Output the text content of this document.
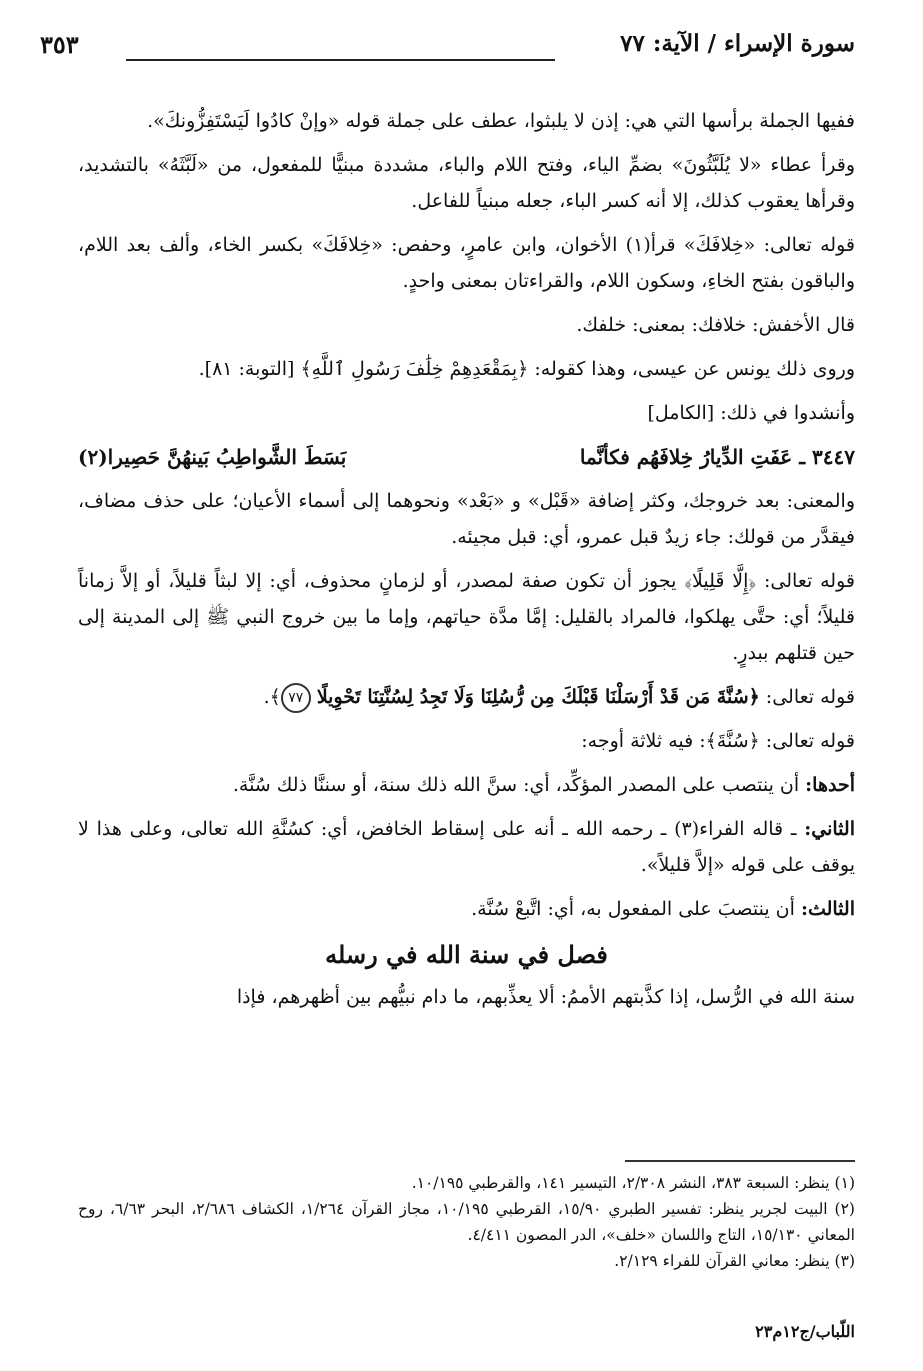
سورة الإسراء / الآية: ٧٧
٣٥٣

ففيها الجملة برأسها التي هي: إذن لا يلبثوا، عطف على جملة قوله «وإنْ كادُوا لَيَسْتَفِزُّونكَ».

وقرأ عطاء «لا يُلَبَّثُونَ» بضمِّ الياء، وفتح اللام والباء، مشددة مبنيًّا للمفعول، من «لَبَّثَهُ» بالتشديد، وقرأها يعقوب كذلك، إلا أنه كسر الباء، جعله مبنياً للفاعل.

قوله تعالى: «خِلافَكَ» قرأ(١) الأخوان، وابن عامرٍ، وحفص: «خِلافَكَ» بكسر الخاء، وألف بعد اللام، والباقون بفتح الخاءِ، وسكون اللام، والقراءتان بمعنى واحدٍ.

قال الأخفش: خلافك: بمعنى: خلفك.

وروى ذلك يونس عن عيسى، وهذا كقوله: ﴿بِمَقْعَدِهِمْ خِلَٰفَ رَسُولِ ٱللَّهِ﴾ [التوبة: ٨١].

وأنشدوا في ذلك: [الكامل]

٣٤٤٧ ـ عَفَتِ الدِّيارُ خِلافَهُم فكأنَّما
بَسَطَ الشَّواطِبُ بَينهُنَّ حَصِيرا(٢)

والمعنى: بعد خروجك، وكثر إضافة «قَبْل» و «بَعْد» ونحوهما إلى أسماء الأعيان؛ على حذف مضاف، فيقدَّر من قولك: جاء زيدٌ قبل عمرو، أي: قبل مجيئه.

قوله تعالى: ﴿إِلَّا قَلِيلًا﴾ يجوز أن تكون صفة لمصدر، أو لزمانٍ محذوف، أي: إلا لبثاً قليلاً، أو إلاَّ زماناً قليلاً؛ أي: حتَّى يهلكوا، فالمراد بالقليل: إمَّا مدَّة حياتهم، وإما ما بين خروج النبي ﷺ إلى المدينة إلى حين قتلهم ببدرٍ.

قوله تعالى: ﴿سُنَّةَ مَن قَدْ أَرْسَلْنَا قَبْلَكَ مِن رُّسُلِنَا وَلَا تَجِدُ لِسُنَّتِنَا تَحْوِيلًا ٧٧﴾.

قوله تعالى: ﴿سُنَّةَ﴾: فيه ثلاثة أوجه:

أحدها: أن ينتصب على المصدر المؤكِّد، أي: سنَّ الله ذلك سنة، أو سننَّا ذلك سُنَّة.

الثاني: ـ قاله الفراء(٣) ـ رحمه الله ـ أنه على إسقاط الخافض، أي: كسُنَّةِ الله تعالى، وعلى هذا لا يوقف على قوله «إلاَّ قليلاً».

الثالث: أن ينتصبَ على المفعول به، أي: اتَّبعْ سُنَّة.

فصل في سنة الله في رسله

سنة الله في الرُّسل، إذا كذَّبتهم الأممُ: ألا يعذِّبهم، ما دام نبيُّهم بين أظهرهم، فإذا

(١) ينظر: السبعة ٣٨٣، النشر ٢/٣٠٨، التيسير ١٤١، والقرطبي ١٠/١٩٥.

(٢) البيت لجرير ينظر: تفسير الطبري ١٥/٩٠، القرطبي ١٠/١٩٥، مجاز القرآن ١/٢٦٤، الكشاف ٢/٦٨٦، البحر ٦/٦٣، روح المعاني ١٥/١٣٠، التاج واللسان «خلف»، الدر المصون ٤/٤١١.

(٣) ينظر: معاني القرآن للفراء ٢/١٢٩.

اللّباب/ج١٢م٢٣
